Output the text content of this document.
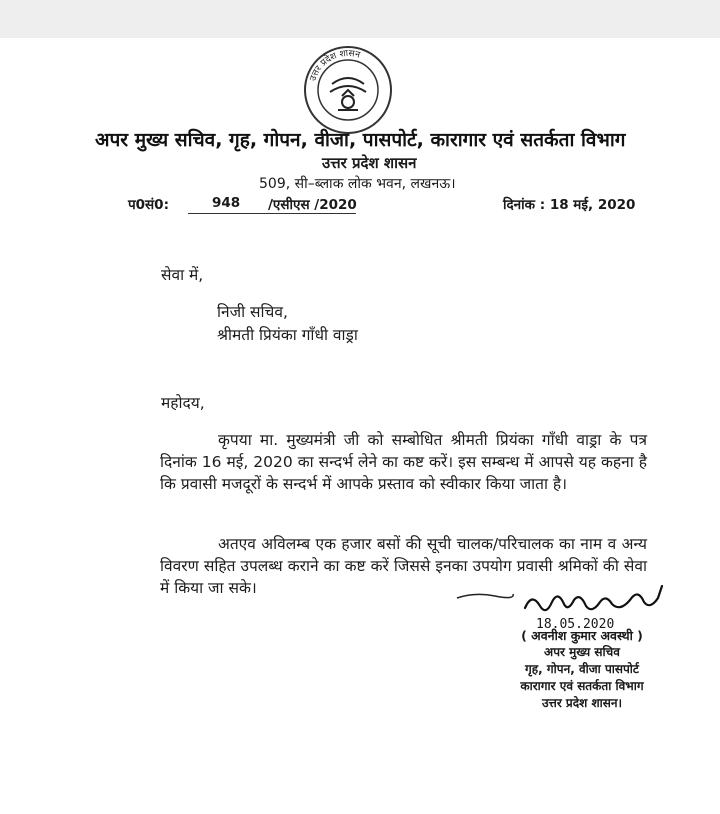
उत्तर प्रदेश शासन
अपर मुख्य सचिव, गृह, गोपन, वीजा, पासपोर्ट, कारागार एवं सतर्कता विभाग
उत्तर प्रदेश शासन
509, सी–ब्लाक लोक भवन, लखनऊ।
प0सं0:	948 /एसीएस /2020	दिनांक : 18 मई, 2020
सेवा में,
निजी सचिव,
श्रीमती प्रियंका गाँधी वाड्रा
महोदय,
कृपया मा. मुख्यमंत्री जी को सम्बोधित श्रीमती प्रियंका गाँधी वाड्रा के पत्र दिनांक 16 मई, 2020 का सन्दर्भ लेने का कष्ट करें। इस सम्बन्ध में आपसे यह कहना है कि प्रवासी मजदूरों के सन्दर्भ में आपके प्रस्ताव को स्वीकार किया जाता है।
अतएव अविलम्ब एक हजार बसों की सूची चालक/परिचालक का नाम व अन्य विवरण सहित उपलब्ध कराने का कष्ट करें जिससे इनका उपयोग प्रवासी श्रमिकों की सेवा में किया जा सके।
18.05.2020
( अवनीश कुमार अवस्थी )
अपर मुख्य सचिव
गृह, गोपन, वीजा पासपोर्ट
कारागार एवं सतर्कता विभाग
उत्तर प्रदेश शासन।
